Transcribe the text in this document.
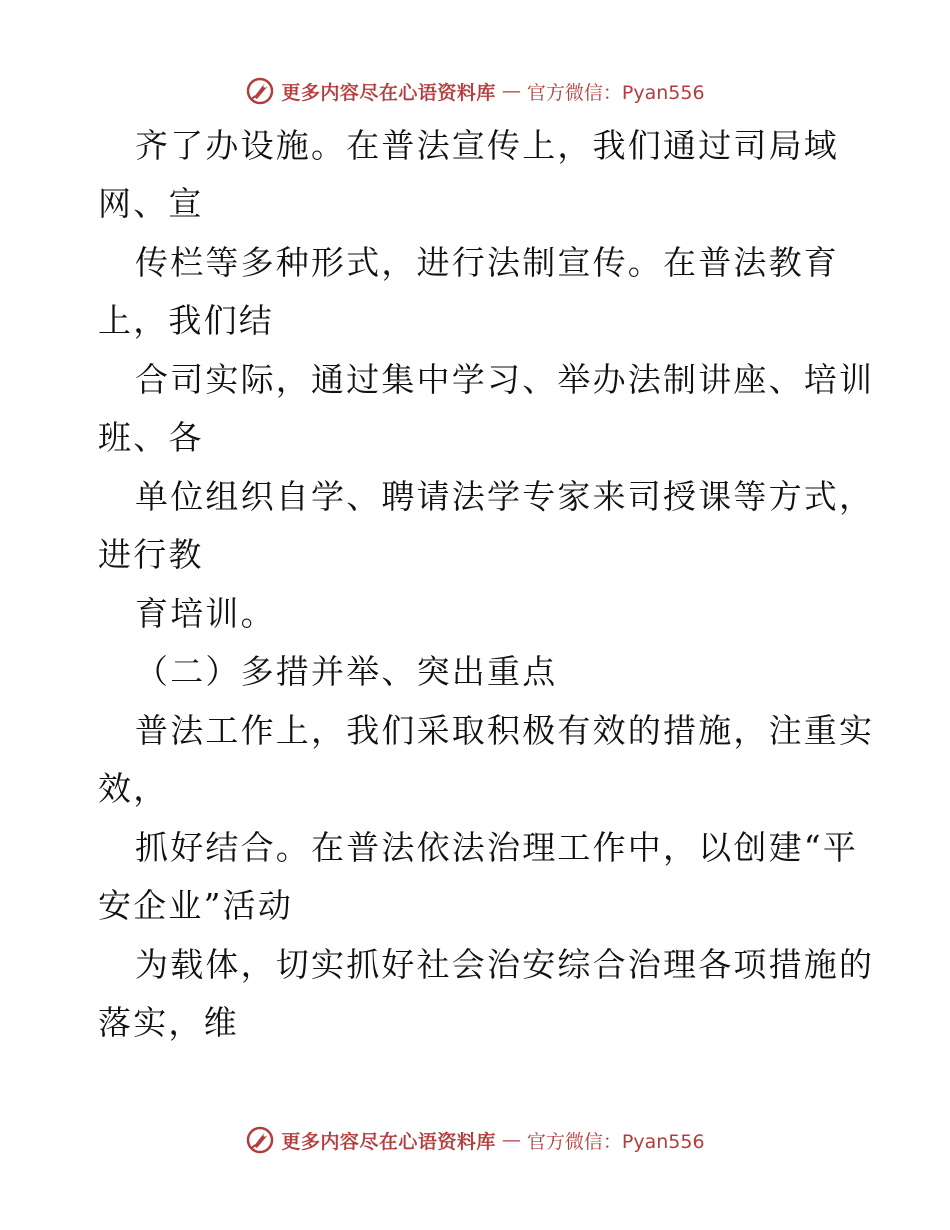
更多内容尽在心语资料库 — 官方微信：Pyan556
齐了办设施。在普法宣传上，我们通过司局域
网、宣
传栏等多种形式，进行法制宣传。在普法教育
上，我们结
合司实际，通过集中学习、举办法制讲座、培训
班、各
单位组织自学、聘请法学专家来司授课等方式，
进行教
育培训。
（二）多措并举、突出重点
普法工作上，我们采取积极有效的措施，注重实
效，
抓好结合。在普法依法治理工作中，以创建“平
安企业”活动
为载体，切实抓好社会治安综合治理各项措施的
落实，维
更多内容尽在心语资料库 — 官方微信：Pyan556
